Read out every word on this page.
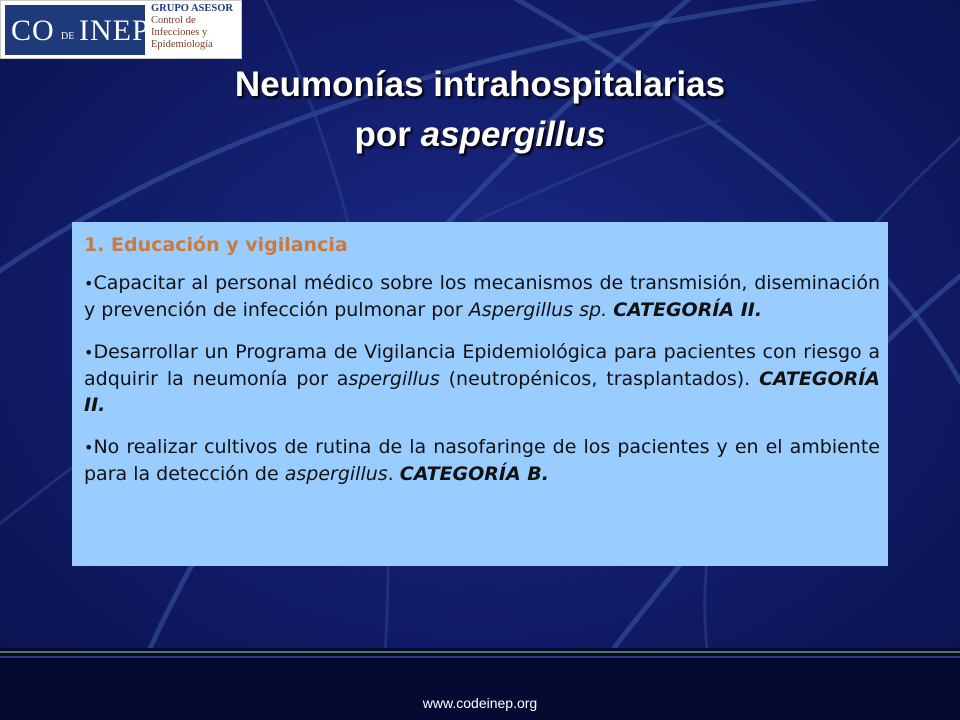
CO DE INEP
GRUPO ASESOR
Control de
Infecciones y
Epidemiología
Neumonías intrahospitalarias
por aspergillus

1. Educación y vigilancia

•Capacitar al personal médico sobre los mecanismos de transmisión, diseminación y prevención de infección pulmonar por Aspergillus sp. CATEGORÍA II.

•Desarrollar un Programa de Vigilancia Epidemiológica para pacientes con riesgo a adquirir la neumonía por aspergillus (neutropénicos, trasplantados). CATEGORÍA II.

•No realizar cultivos de rutina de la nasofaringe de los pacientes y en el ambiente para la detección de aspergillus. CATEGORÍA B.

www.codeinep.org
